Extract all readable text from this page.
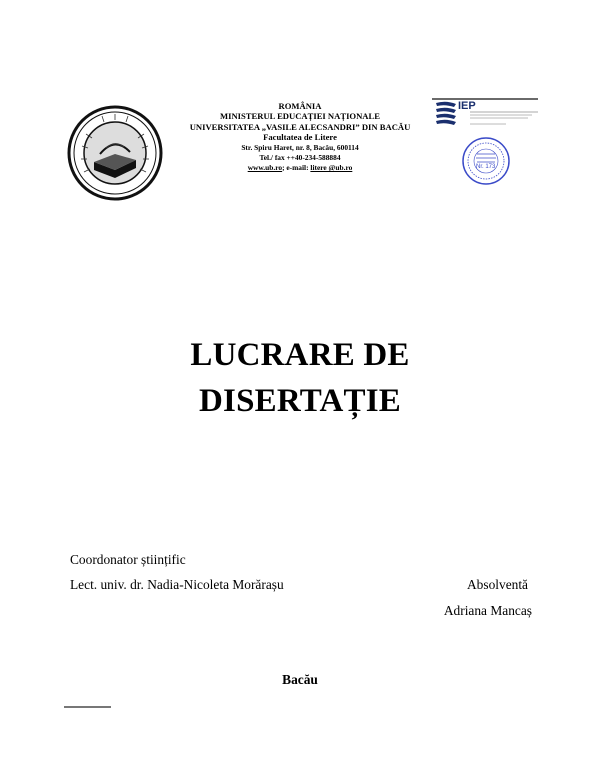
ROMÂNIA
MINISTERUL EDUCAȚIEI NAȚIONALE
UNIVERSITATEA „VASILE ALECSANDRI” DIN BACĂU
Facultatea de Litere
Str. Spiru Haret, nr. 8, Bacău, 600114
Tel./ fax ++40-234-588884
www.ub.ro; e-mail: litere @ub.ro
IEP
Nr. 173
LUCRARE DE
DISERTAȚIE
Coordonator științific
Lect. univ. dr. Nadia-Nicoleta Morărașu	Absolventă
Adriana Mancaș
Bacău
